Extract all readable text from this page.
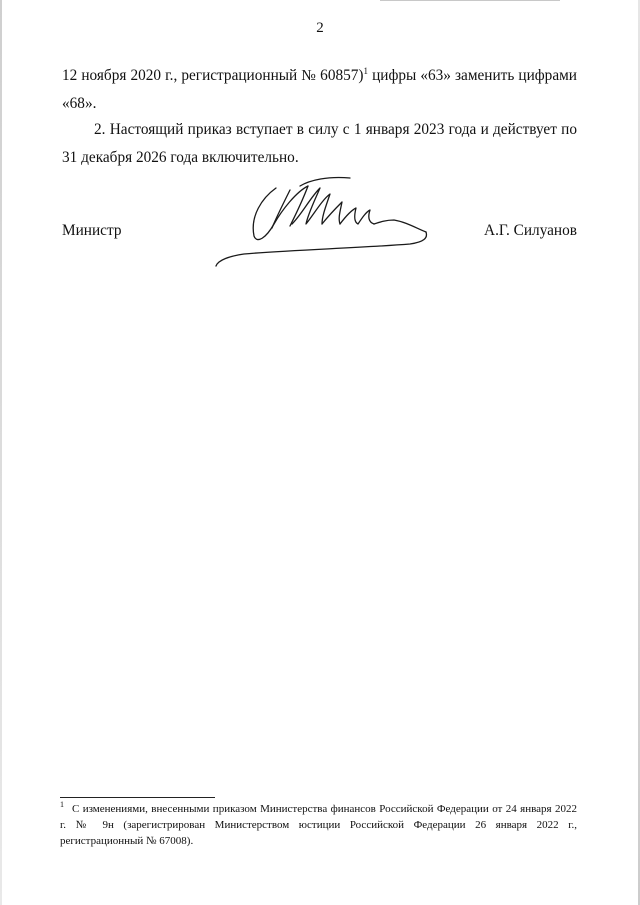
2
12 ноября 2020 г., регистрационный № 60857)$^1$ цифры «63» заменить цифрами «68».
2. Настоящий приказ вступает в силу с 1 января 2023 года и действует по 31 декабря 2026 года включительно.
Министр	А.Г. Силуанов
$^1$ С изменениями, внесенными приказом Министерства финансов Российской Федерации от 24 января 2022 г. № 9н (зарегистрирован Министерством юстиции Российской Федерации 26 января 2022 г., регистрационный № 67008).
